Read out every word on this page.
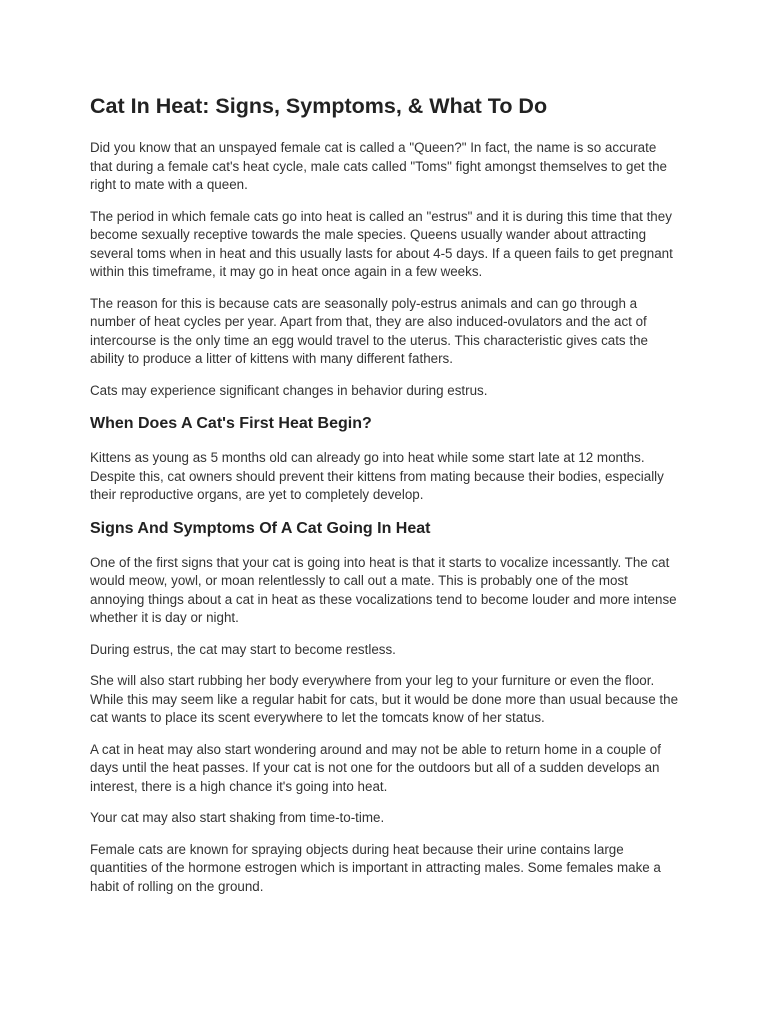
Cat In Heat: Signs, Symptoms, & What To Do

Did you know that an unspayed female cat is called a "Queen?" In fact, the name is so accurate that during a female cat's heat cycle, male cats called "Toms" fight amongst themselves to get the right to mate with a queen.

The period in which female cats go into heat is called an "estrus" and it is during this time that they become sexually receptive towards the male species. Queens usually wander about attracting several toms when in heat and this usually lasts for about 4-5 days. If a queen fails to get pregnant within this timeframe, it may go in heat once again in a few weeks.

The reason for this is because cats are seasonally poly-estrus animals and can go through a number of heat cycles per year. Apart from that, they are also induced-ovulators and the act of intercourse is the only time an egg would travel to the uterus. This characteristic gives cats the ability to produce a litter of kittens with many different fathers.

Cats may experience significant changes in behavior during estrus.

When Does A Cat's First Heat Begin?

Kittens as young as 5 months old can already go into heat while some start late at 12 months. Despite this, cat owners should prevent their kittens from mating because their bodies, especially their reproductive organs, are yet to completely develop.

Signs And Symptoms Of A Cat Going In Heat

One of the first signs that your cat is going into heat is that it starts to vocalize incessantly. The cat would meow, yowl, or moan relentlessly to call out a mate. This is probably one of the most annoying things about a cat in heat as these vocalizations tend to become louder and more intense whether it is day or night.

During estrus, the cat may start to become restless.

She will also start rubbing her body everywhere from your leg to your furniture or even the floor. While this may seem like a regular habit for cats, but it would be done more than usual because the cat wants to place its scent everywhere to let the tomcats know of her status.

A cat in heat may also start wondering around and may not be able to return home in a couple of days until the heat passes. If your cat is not one for the outdoors but all of a sudden develops an interest, there is a high chance it's going into heat.

Your cat may also start shaking from time-to-time.

Female cats are known for spraying objects during heat because their urine contains large quantities of the hormone estrogen which is important in attracting males. Some females make a habit of rolling on the ground.
